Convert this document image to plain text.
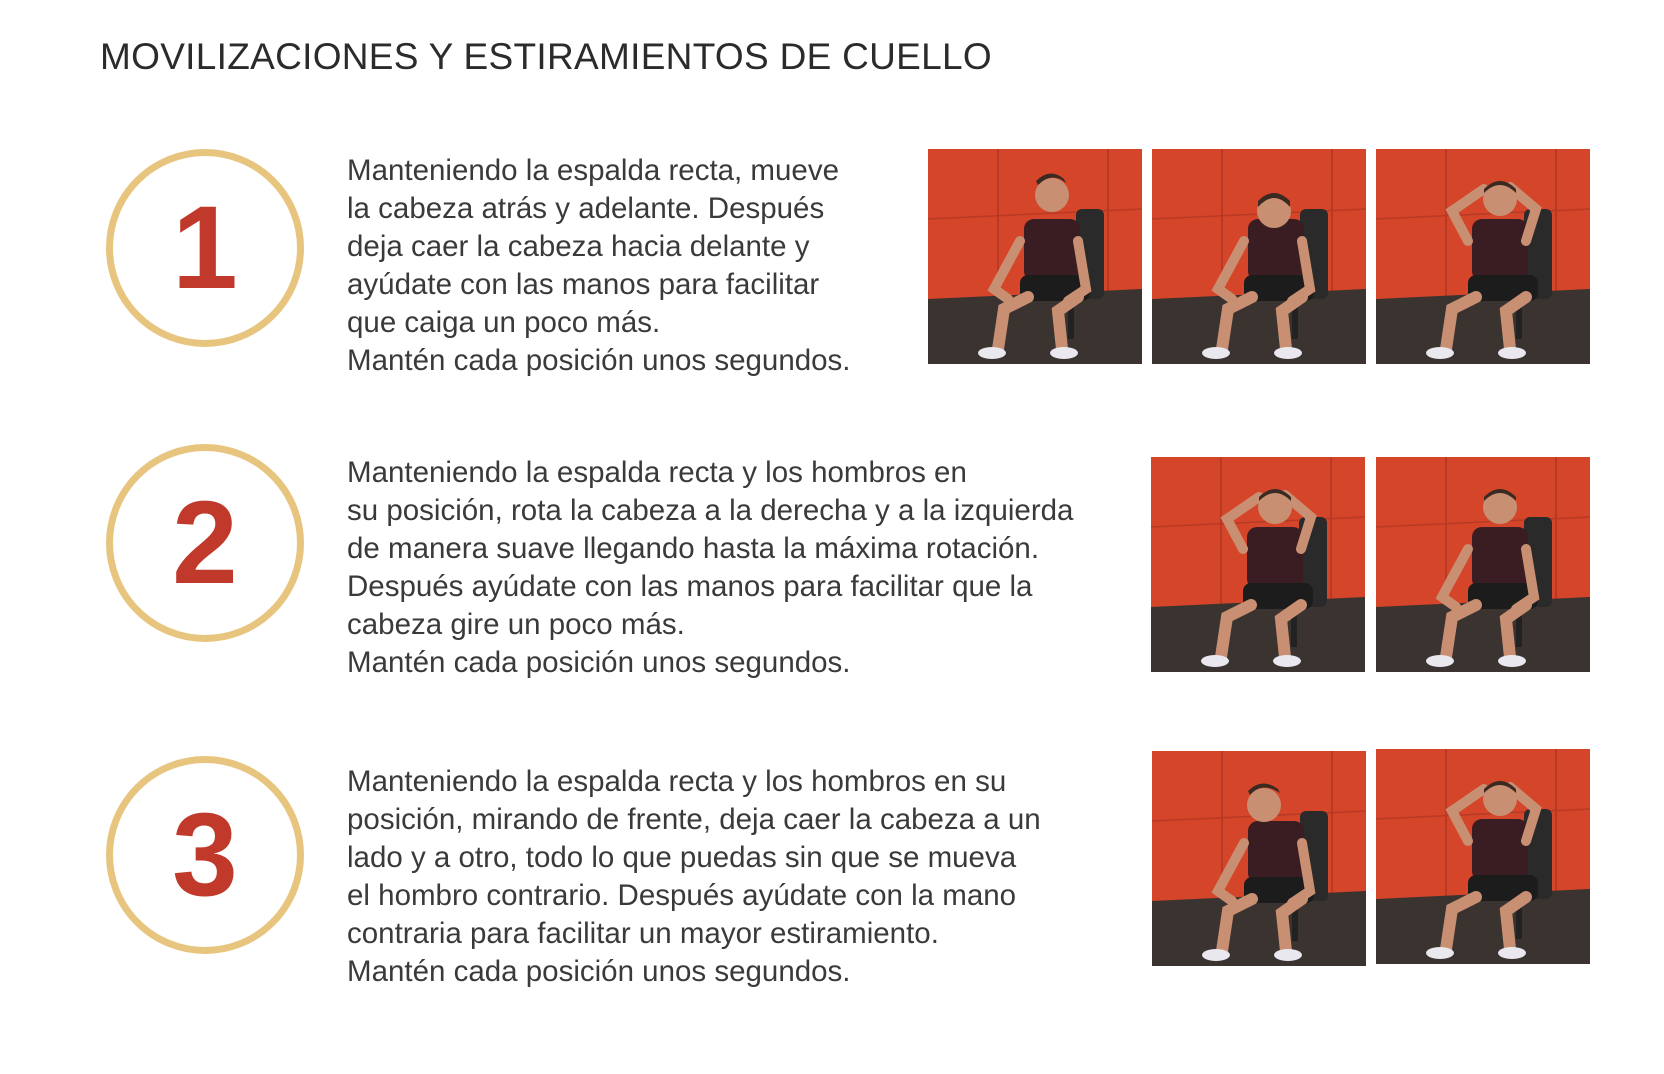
MOVILIZACIONES Y ESTIRAMIENTOS DE CUELLO
1
Manteniendo la espalda recta, mueve
la cabeza atrás y adelante. Después
deja caer la cabeza hacia delante y
ayúdate con las manos para facilitar
que caiga un poco más.
Mantén cada posición unos segundos.
2
Manteniendo la espalda recta y los hombros en
su posición, rota la cabeza a la derecha y a la izquierda
de manera suave llegando hasta la máxima rotación.
Después ayúdate con las manos para facilitar que la
cabeza gire un poco más.
Mantén cada posición unos segundos.
3
Manteniendo la espalda recta y los hombros en su
posición, mirando de frente, deja caer la cabeza a un
lado y a otro, todo lo que puedas sin que se mueva
el hombro contrario. Después ayúdate con la mano
contraria para facilitar un mayor estiramiento.
Mantén cada posición unos segundos.
